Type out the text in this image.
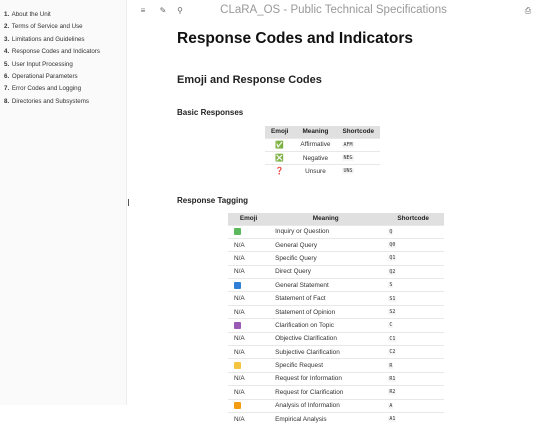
1. About the Unit
2. Terms of Service and Use
3. Limitations and Guidelines
4. Response Codes and Indicators
5. User Input Processing
6. Operational Parameters
7. Error Codes and Logging
8. Directories and Subsystems
≡	✎	⚲	CLaRA_OS - Public Technical Specifications	⎙
Response Codes and Indicators
Emoji and Response Codes
Basic Responses
Emoji	Meaning	Shortcode
✅	Affirmative	AFM
❎	Negative	NEG
❓	Unsure	UNS
Response Tagging
Emoji	Meaning	Shortcode
	Inquiry or Question	Q
N/A	General Query	Q0
N/A	Specific Query	Q1
N/A	Direct Query	Q2
	General Statement	S
N/A	Statement of Fact	S1
N/A	Statement of Opinion	S2
	Clarification on Topic	C
N/A	Objective Clarification	C1
N/A	Subjective Clarification	C2
	Specific Request	R
N/A	Request for Information	R1
N/A	Request for Clarification	R2
	Analysis of Information	A
N/A	Empirical Analysis	A1
